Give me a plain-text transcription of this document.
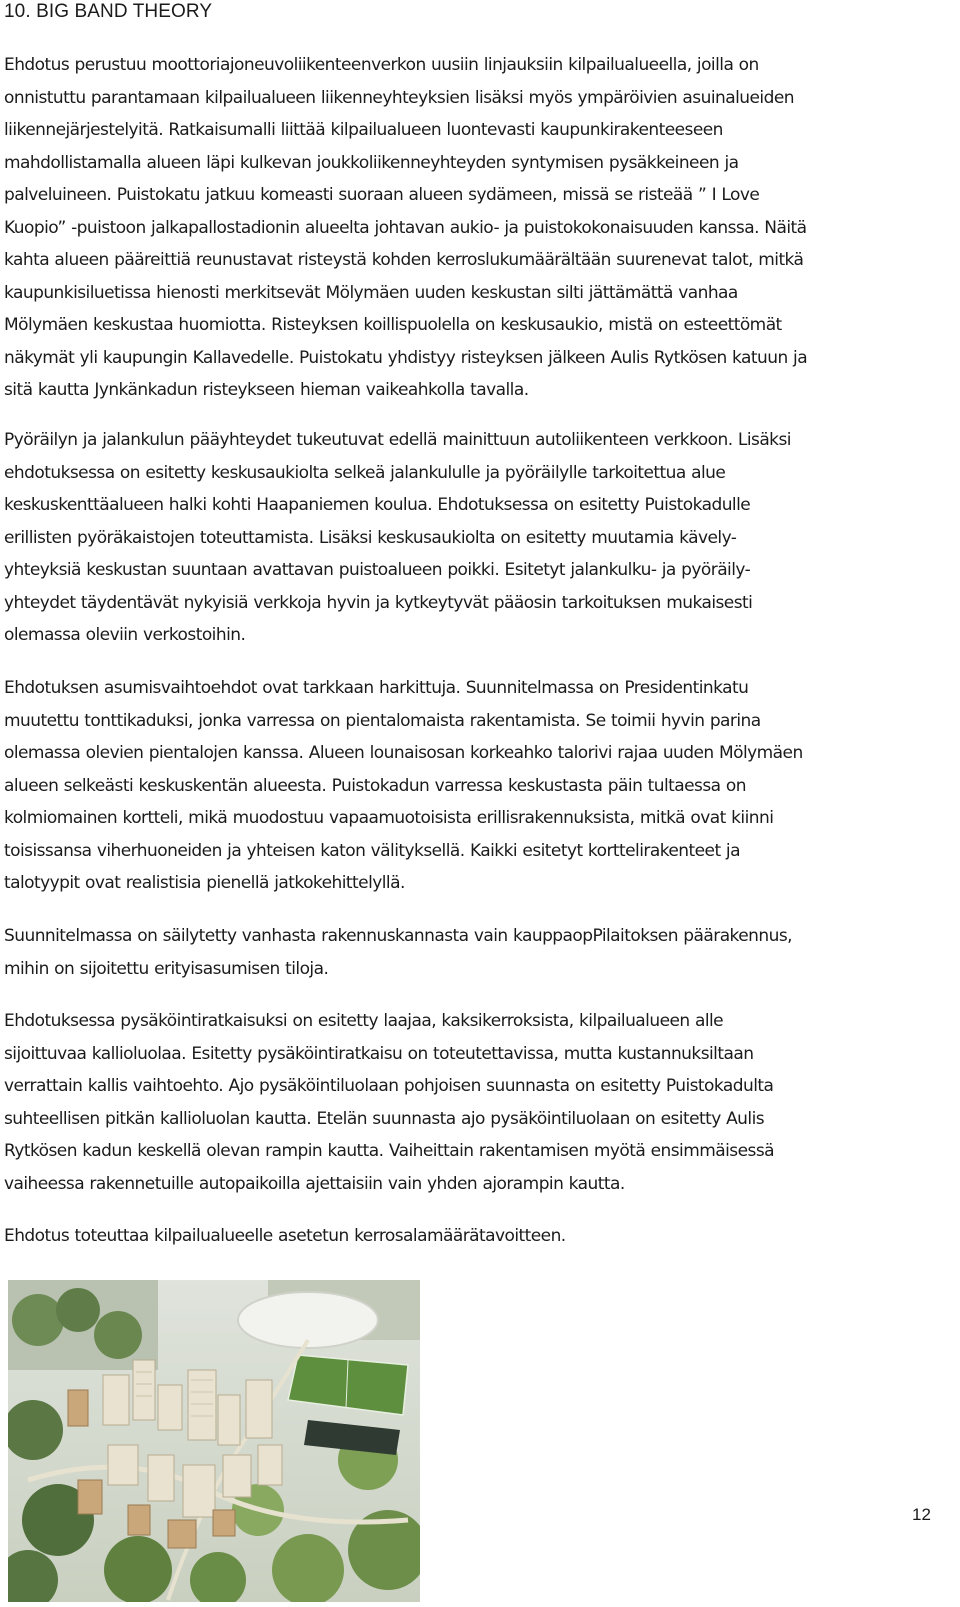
10. BIG BAND THEORY
Ehdotus perustuu moottoriajoneuvoliikenteenverkon uusiin linjauksiin kilpailualueella, joilla on
onnistuttu parantamaan kilpailualueen liikenneyhteyksien lisäksi myös ympäröivien asuinalueiden
liikennejärjestelyitä. Ratkaisumalli liittää kilpailualueen luontevasti kaupunkirakenteeseen
mahdollistamalla alueen läpi kulkevan joukkoliikenneyhteyden syntymisen pysäkkeineen ja
palveluineen. Puistokatu jatkuu komeasti suoraan alueen sydämeen, missä se risteää ” I Love
Kuopio” -puistoon jalkapallostadionin alueelta johtavan aukio- ja puistokokonaisuuden kanssa. Näitä
kahta alueen pääreittiä reunustavat risteystä kohden kerroslukumäärältään suurenevat talot, mitkä
kaupunkisiluetissa hienosti merkitsevät Mölymäen uuden keskustan silti jättämättä vanhaa
Mölymäen keskustaa huomiotta. Risteyksen koillispuolella on keskusaukio, mistä on esteettömät
näkymät yli kaupungin Kallavedelle. Puistokatu yhdistyy risteyksen jälkeen Aulis Rytkösen katuun ja
sitä kautta Jynkänkadun risteykseen hieman vaikeahkolla tavalla.
Pyöräilyn ja jalankulun pääyhteydet tukeutuvat edellä mainittuun autoliikenteen verkkoon. Lisäksi
ehdotuksessa on esitetty keskusaukiolta selkeä jalankululle ja pyöräilylle tarkoitettua alue
keskuskenttäalueen halki kohti Haapaniemen koulua. Ehdotuksessa on esitetty Puistokadulle
erillisten pyöräkaistojen toteuttamista. Lisäksi keskusaukiolta on esitetty muutamia kävely-
yhteyksiä keskustan suuntaan avattavan puistoalueen poikki. Esitetyt jalankulku- ja pyöräily-
yhteydet täydentävät nykyisiä verkkoja hyvin ja kytkeytyvät pääosin tarkoituksen mukaisesti
olemassa oleviin verkostoihin.
Ehdotuksen asumisvaihtoehdot ovat tarkkaan harkittuja. Suunnitelmassa on Presidentinkatu
muutettu tonttikaduksi, jonka varressa on pientalomaista rakentamista. Se toimii hyvin parina
olemassa olevien pientalojen kanssa. Alueen lounaisosan korkeahko talorivi rajaa uuden Mölymäen
alueen selkeästi keskuskentän alueesta. Puistokadun varressa keskustasta päin tultaessa on
kolmiomainen kortteli, mikä muodostuu vapaamuotoisista erillisrakennuksista, mitkä ovat kiinni
toisissansa viherhuoneiden ja yhteisen katon välityksellä. Kaikki esitetyt korttelirakenteet ja
talotyypit ovat realistisia pienellä jatkokehittelyllä.
Suunnitelmassa on säilytetty vanhasta rakennuskannasta vain kauppaopPilaitoksen päärakennus,
mihin on sijoitettu erityisasumisen tiloja.
Ehdotuksessa pysäköintiratkaisuksi on esitetty laajaa, kaksikerroksista, kilpailualueen alle
sijoittuvaa kallioluolaa. Esitetty pysäköintiratkaisu on toteutettavissa, mutta kustannuksiltaan
verrattain kallis vaihtoehto. Ajo pysäköintiluolaan pohjoisen suunnasta on esitetty Puistokadulta
suhteellisen pitkän kallioluolan kautta. Etelän suunnasta ajo pysäköintiluolaan on esitetty Aulis
Rytkösen kadun keskellä olevan rampin kautta. Vaiheittain rakentamisen myötä ensimmäisessä
vaiheessa rakennetuille autopaikoilla ajettaisiin vain yhden ajorampin kautta.
Ehdotus toteuttaa kilpailualueelle asetetun kerrosalamäärätavoitteen.
12
